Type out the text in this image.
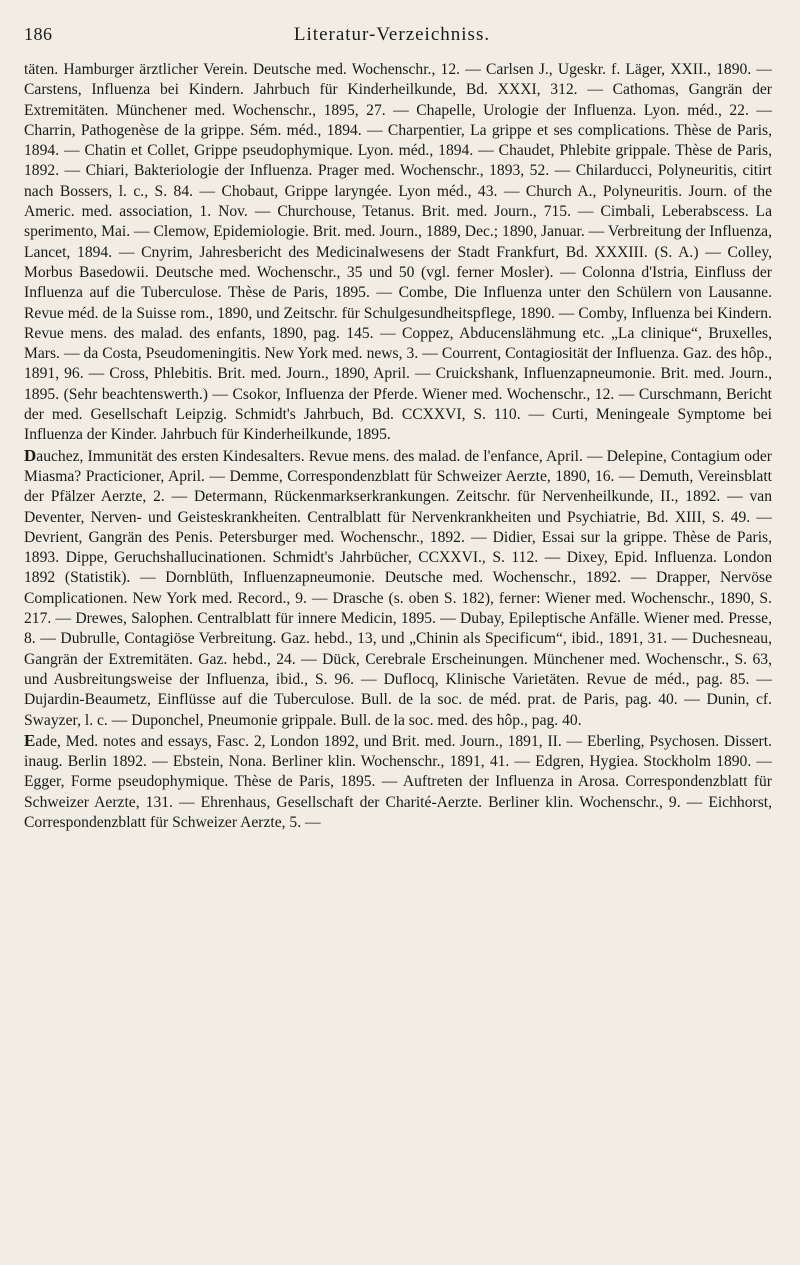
186	Literatur-Verzeichniss.

täten. Hamburger ärztlicher Verein. Deutsche med. Wochenschr., 12. — Carlsen J., Ugeskr. f. Läger, XXII., 1890. — Carstens, Influenza bei Kindern. Jahrbuch für Kinderheilkunde, Bd. XXXI, 312. — Cathomas, Gangrän der Extremitäten. Münchener med. Wochenschr., 1895, 27. — Chapelle, Urologie der Influenza. Lyon. méd., 22. — Charrin, Pathogenèse de la grippe. Sém. méd., 1894. — Charpentier, La grippe et ses complications. Thèse de Paris, 1894. — Chatin et Collet, Grippe pseudophymique. Lyon. méd., 1894. — Chaudet, Phlebite grippale. Thèse de Paris, 1892. — Chiari, Bakteriologie der Influenza. Prager med. Wochenschr., 1893, 52. — Chilarducci, Polyneuritis, citirt nach Bossers, l. c., S. 84. — Chobaut, Grippe laryngée. Lyon méd., 43. — Church A., Polyneuritis. Journ. of the Americ. med. association, 1. Nov. — Churchouse, Tetanus. Brit. med. Journ., 715. — Cimbali, Leberabscess. La sperimento, Mai. — Clemow, Epidemiologie. Brit. med. Journ., 1889, Dec.; 1890, Januar. — Verbreitung der Influenza, Lancet, 1894. — Cnyrim, Jahresbericht des Medicinalwesens der Stadt Frankfurt, Bd. XXXIII. (S. A.) — Colley, Morbus Basedowii. Deutsche med. Wochenschr., 35 und 50 (vgl. ferner Mosler). — Colonna d'Istria, Einfluss der Influenza auf die Tuberculose. Thèse de Paris, 1895. — Combe, Die Influenza unter den Schülern von Lausanne. Revue méd. de la Suisse rom., 1890, und Zeitschr. für Schulgesundheitspflege, 1890. — Comby, Influenza bei Kindern. Revue mens. des malad. des enfants, 1890, pag. 145. — Coppez, Abducenslähmung etc. „La clinique“, Bruxelles, Mars. — da Costa, Pseudomeningitis. New York med. news, 3. — Courrent, Contagiosität der Influenza. Gaz. des hôp., 1891, 96. — Cross, Phlebitis. Brit. med. Journ., 1890, April. — Cruickshank, Influenzapneumonie. Brit. med. Journ., 1895. (Sehr beachtenswerth.) — Csokor, Influenza der Pferde. Wiener med. Wochenschr., 12. — Curschmann, Bericht der med. Gesellschaft Leipzig. Schmidt's Jahrbuch, Bd. CCXXVI, S. 110. — Curti, Meningeale Symptome bei Influenza der Kinder. Jahrbuch für Kinderheilkunde, 1895.

Dauchez, Immunität des ersten Kindesalters. Revue mens. des malad. de l'enfance, April. — Delepine, Contagium oder Miasma? Practicioner, April. — Demme, Correspondenzblatt für Schweizer Aerzte, 1890, 16. — Demuth, Vereinsblatt der Pfälzer Aerzte, 2. — Determann, Rückenmarkserkrankungen. Zeitschr. für Nervenheilkunde, II., 1892. — van Deventer, Nerven- und Geisteskrankheiten. Centralblatt für Nervenkrankheiten und Psychiatrie, Bd. XIII, S. 49. — Devrient, Gangrän des Penis. Petersburger med. Wochenschr., 1892. — Didier, Essai sur la grippe. Thèse de Paris, 1893. Dippe, Geruchshallucinationen. Schmidt's Jahrbücher, CCXXVI., S. 112. — Dixey, Epid. Influenza. London 1892 (Statistik). — Dornblüth, Influenzapneumonie. Deutsche med. Wochenschr., 1892. — Drapper, Nervöse Complicationen. New York med. Record., 9. — Drasche (s. oben S. 182), ferner: Wiener med. Wochenschr., 1890, S. 217. — Drewes, Salophen. Centralblatt für innere Medicin, 1895. — Dubay, Epileptische Anfälle. Wiener med. Presse, 8. — Dubrulle, Contagiöse Verbreitung. Gaz. hebd., 13, und „Chinin als Specificum“, ibid., 1891, 31. — Duchesneau, Gangrän der Extremitäten. Gaz. hebd., 24. — Dück, Cerebrale Erscheinungen. Münchener med. Wochenschr., S. 63, und Ausbreitungsweise der Influenza, ibid., S. 96. — Duflocq, Klinische Varietäten. Revue de méd., pag. 85. — Dujardin-Beaumetz, Einflüsse auf die Tuberculose. Bull. de la soc. de méd. prat. de Paris, pag. 40. — Dunin, cf. Swayzer, l. c. — Duponchel, Pneumonie grippale. Bull. de la soc. med. des hôp., pag. 40.

Eade, Med. notes and essays, Fasc. 2, London 1892, und Brit. med. Journ., 1891, II. — Eberling, Psychosen. Dissert. inaug. Berlin 1892. — Ebstein, Nona. Berliner klin. Wochenschr., 1891, 41. — Edgren, Hygiea. Stockholm 1890. — Egger, Forme pseudophymique. Thèse de Paris, 1895. — Auftreten der Influenza in Arosa. Correspondenzblatt für Schweizer Aerzte, 131. — Ehrenhaus, Gesellschaft der Charité-Aerzte. Berliner klin. Wochenschr., 9. — Eichhorst, Correspondenzblatt für Schweizer Aerzte, 5. —
